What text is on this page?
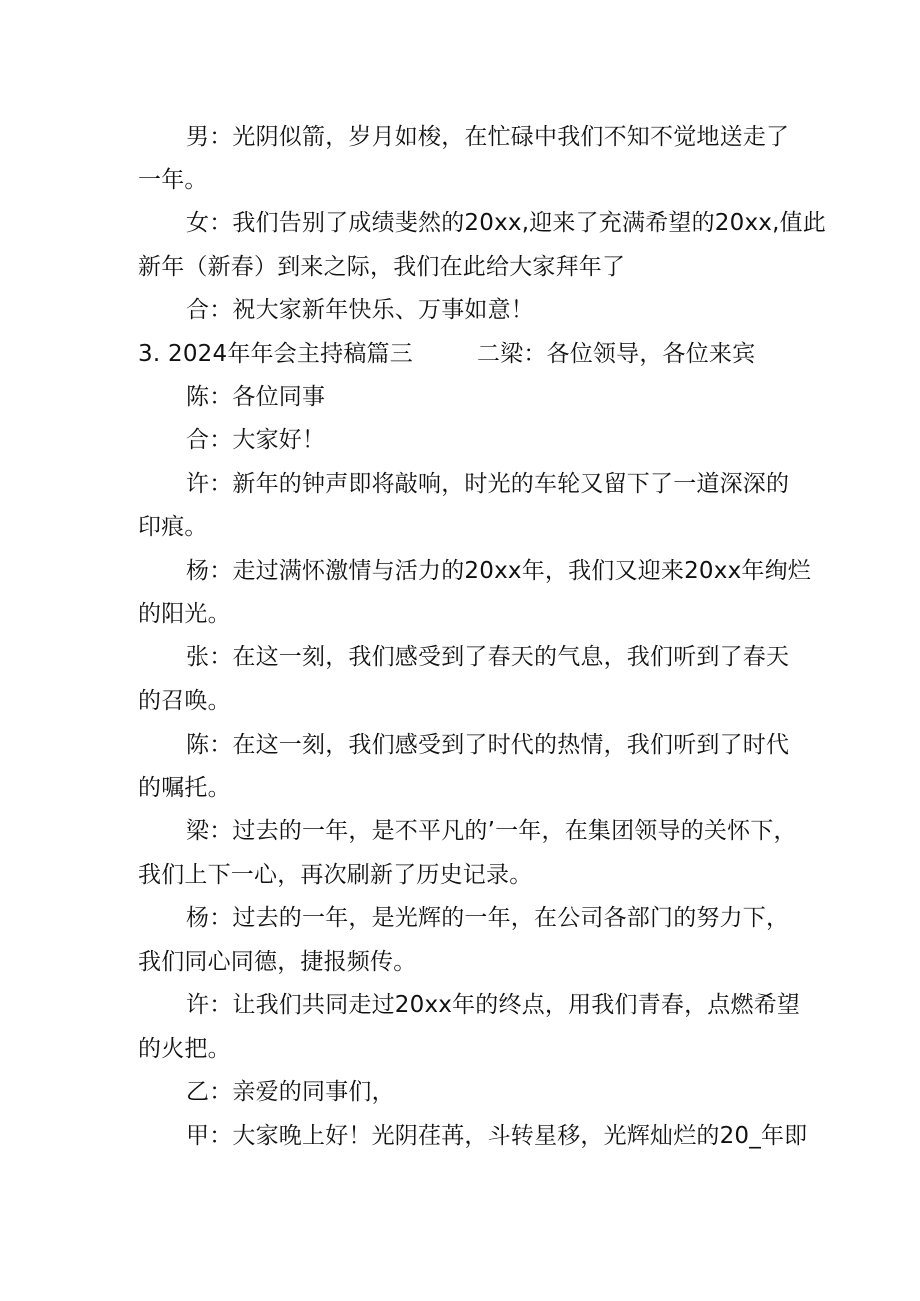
男：光阴似箭，岁月如梭，在忙碌中我们不知不觉地送走了
一年。
女：我们告别了成绩斐然的20xx,迎来了充满希望的20xx,值此
新年（新春）到来之际，我们在此给大家拜年了
合：祝大家新年快乐、万事如意！
3. 2024年年会主持稿篇三	二梁：各位领导，各位来宾
陈：各位同事
合：大家好！
许：新年的钟声即将敲响，时光的车轮又留下了一道深深的
印痕。
杨：走过满怀激情与活力的20xx年，我们又迎来20xx年绚烂
的阳光。
张：在这一刻，我们感受到了春天的气息，我们听到了春天
的召唤。
陈：在这一刻，我们感受到了时代的热情，我们听到了时代
的嘱托。
梁：过去的一年，是不平凡的’一年，在集团领导的关怀下，
我们上下一心，再次刷新了历史记录。
杨：过去的一年，是光辉的一年，在公司各部门的努力下，
我们同心同德，捷报频传。
许：让我们共同走过20xx年的终点，用我们青春，点燃希望
的火把。
乙：亲爱的同事们，
甲：大家晚上好！光阴荏苒，斗转星移，光辉灿烂的20_年即
